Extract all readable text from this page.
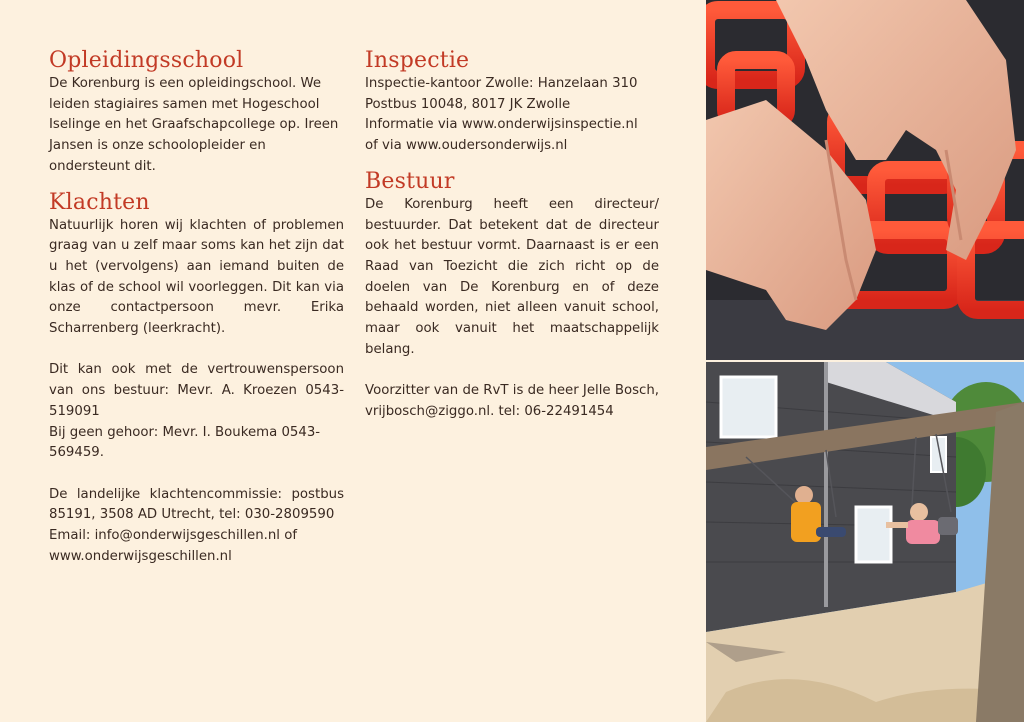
Opleidingsschool

De Korenburg is een opleidingschool. We leiden stagiaires samen met Hogeschool Iselinge en het Graafschapcollege op. Ireen Jansen is onze schoolopleider en ondersteunt dit.

Klachten

Natuurlijk horen wij klachten of problemen graag van u zelf maar soms kan het zijn dat u het (vervolgens) aan iemand buiten de klas of de school wil voorleggen. Dit kan via onze contactpersoon mevr. Erika Scharrenberg (leerkracht).

Dit kan ook met de vertrouwenspersoon van ons bestuur: Mevr. A. Kroezen 0543-519091

Bij geen gehoor: Mevr. I. Boukema 0543-569459.

De landelijke klachtencommissie: postbus 85191, 3508 AD Utrecht, tel: 030-2809590

Email: info@onderwijsgeschillen.nl of www.onderwijsgeschillen.nl

Inspectie

Inspectie-kantoor Zwolle: Hanzelaan 310

Postbus 10048, 8017 JK Zwolle

Informatie via www.onderwijsinspectie.nl

of via www.oudersonderwijs.nl

Bestuur

De Korenburg heeft een directeur/ bestuurder. Dat betekent dat de directeur ook het bestuur vormt. Daarnaast is er een Raad van Toezicht die zich richt op de doelen van De Korenburg en of deze behaald worden, niet alleen vanuit school, maar ook vanuit het maatschappelijk belang.

Voorzitter van de RvT is de heer Jelle Bosch, vrijbosch@ziggo.nl. tel: 06-22491454
